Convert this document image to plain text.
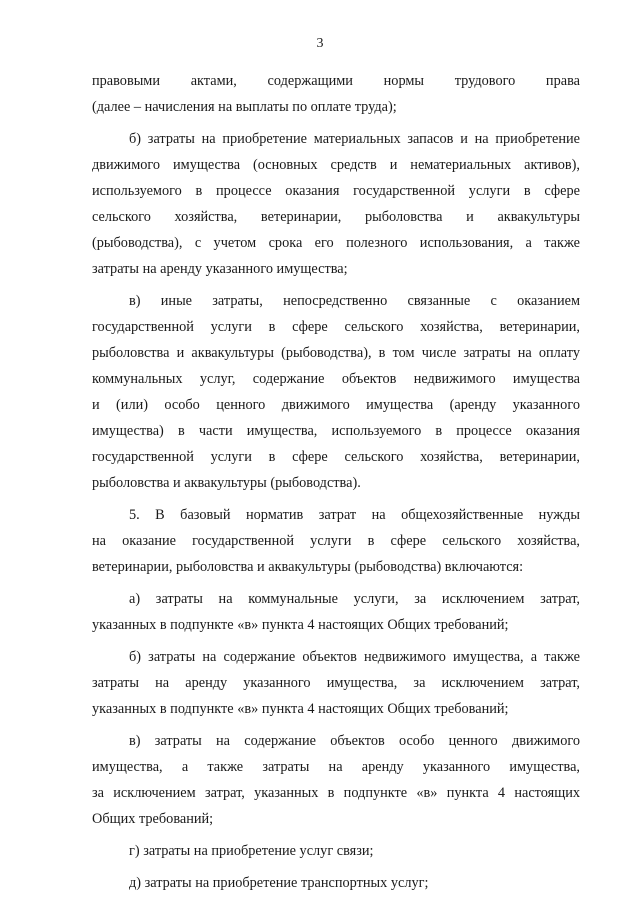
3
правовыми актами, содержащими нормы трудового права
(далее – начисления на выплаты по оплате труда);
б) затраты на приобретение материальных запасов и на приобретение
движимого имущества (основных средств и нематериальных активов),
используемого в процессе оказания государственной услуги в сфере
сельского хозяйства, ветеринарии, рыболовства и аквакультуры
(рыбоводства), с учетом срока его полезного использования, а также
затраты на аренду указанного имущества;
в) иные затраты, непосредственно связанные с оказанием
государственной услуги в сфере сельского хозяйства, ветеринарии,
рыболовства и аквакультуры (рыбоводства), в том числе затраты на оплату
коммунальных услуг, содержание объектов недвижимого имущества
и (или) особо ценного движимого имущества (аренду указанного
имущества) в части имущества, используемого в процессе оказания
государственной услуги в сфере сельского хозяйства, ветеринарии,
рыболовства и аквакультуры (рыбоводства).
5. В базовый норматив затрат на общехозяйственные нужды
на оказание государственной услуги в сфере сельского хозяйства,
ветеринарии, рыболовства и аквакультуры (рыбоводства) включаются:
а) затраты на коммунальные услуги, за исключением затрат,
указанных в подпункте «в» пункта 4 настоящих Общих требований;
б) затраты на содержание объектов недвижимого имущества, а также
затраты на аренду указанного имущества, за исключением затрат,
указанных в подпункте «в» пункта 4 настоящих Общих требований;
в) затраты на содержание объектов особо ценного движимого
имущества, а также затраты на аренду указанного имущества,
за исключением затрат, указанных в подпункте «в» пункта 4 настоящих
Общих требований;
г) затраты на приобретение услуг связи;
д) затраты на приобретение транспортных услуг;
